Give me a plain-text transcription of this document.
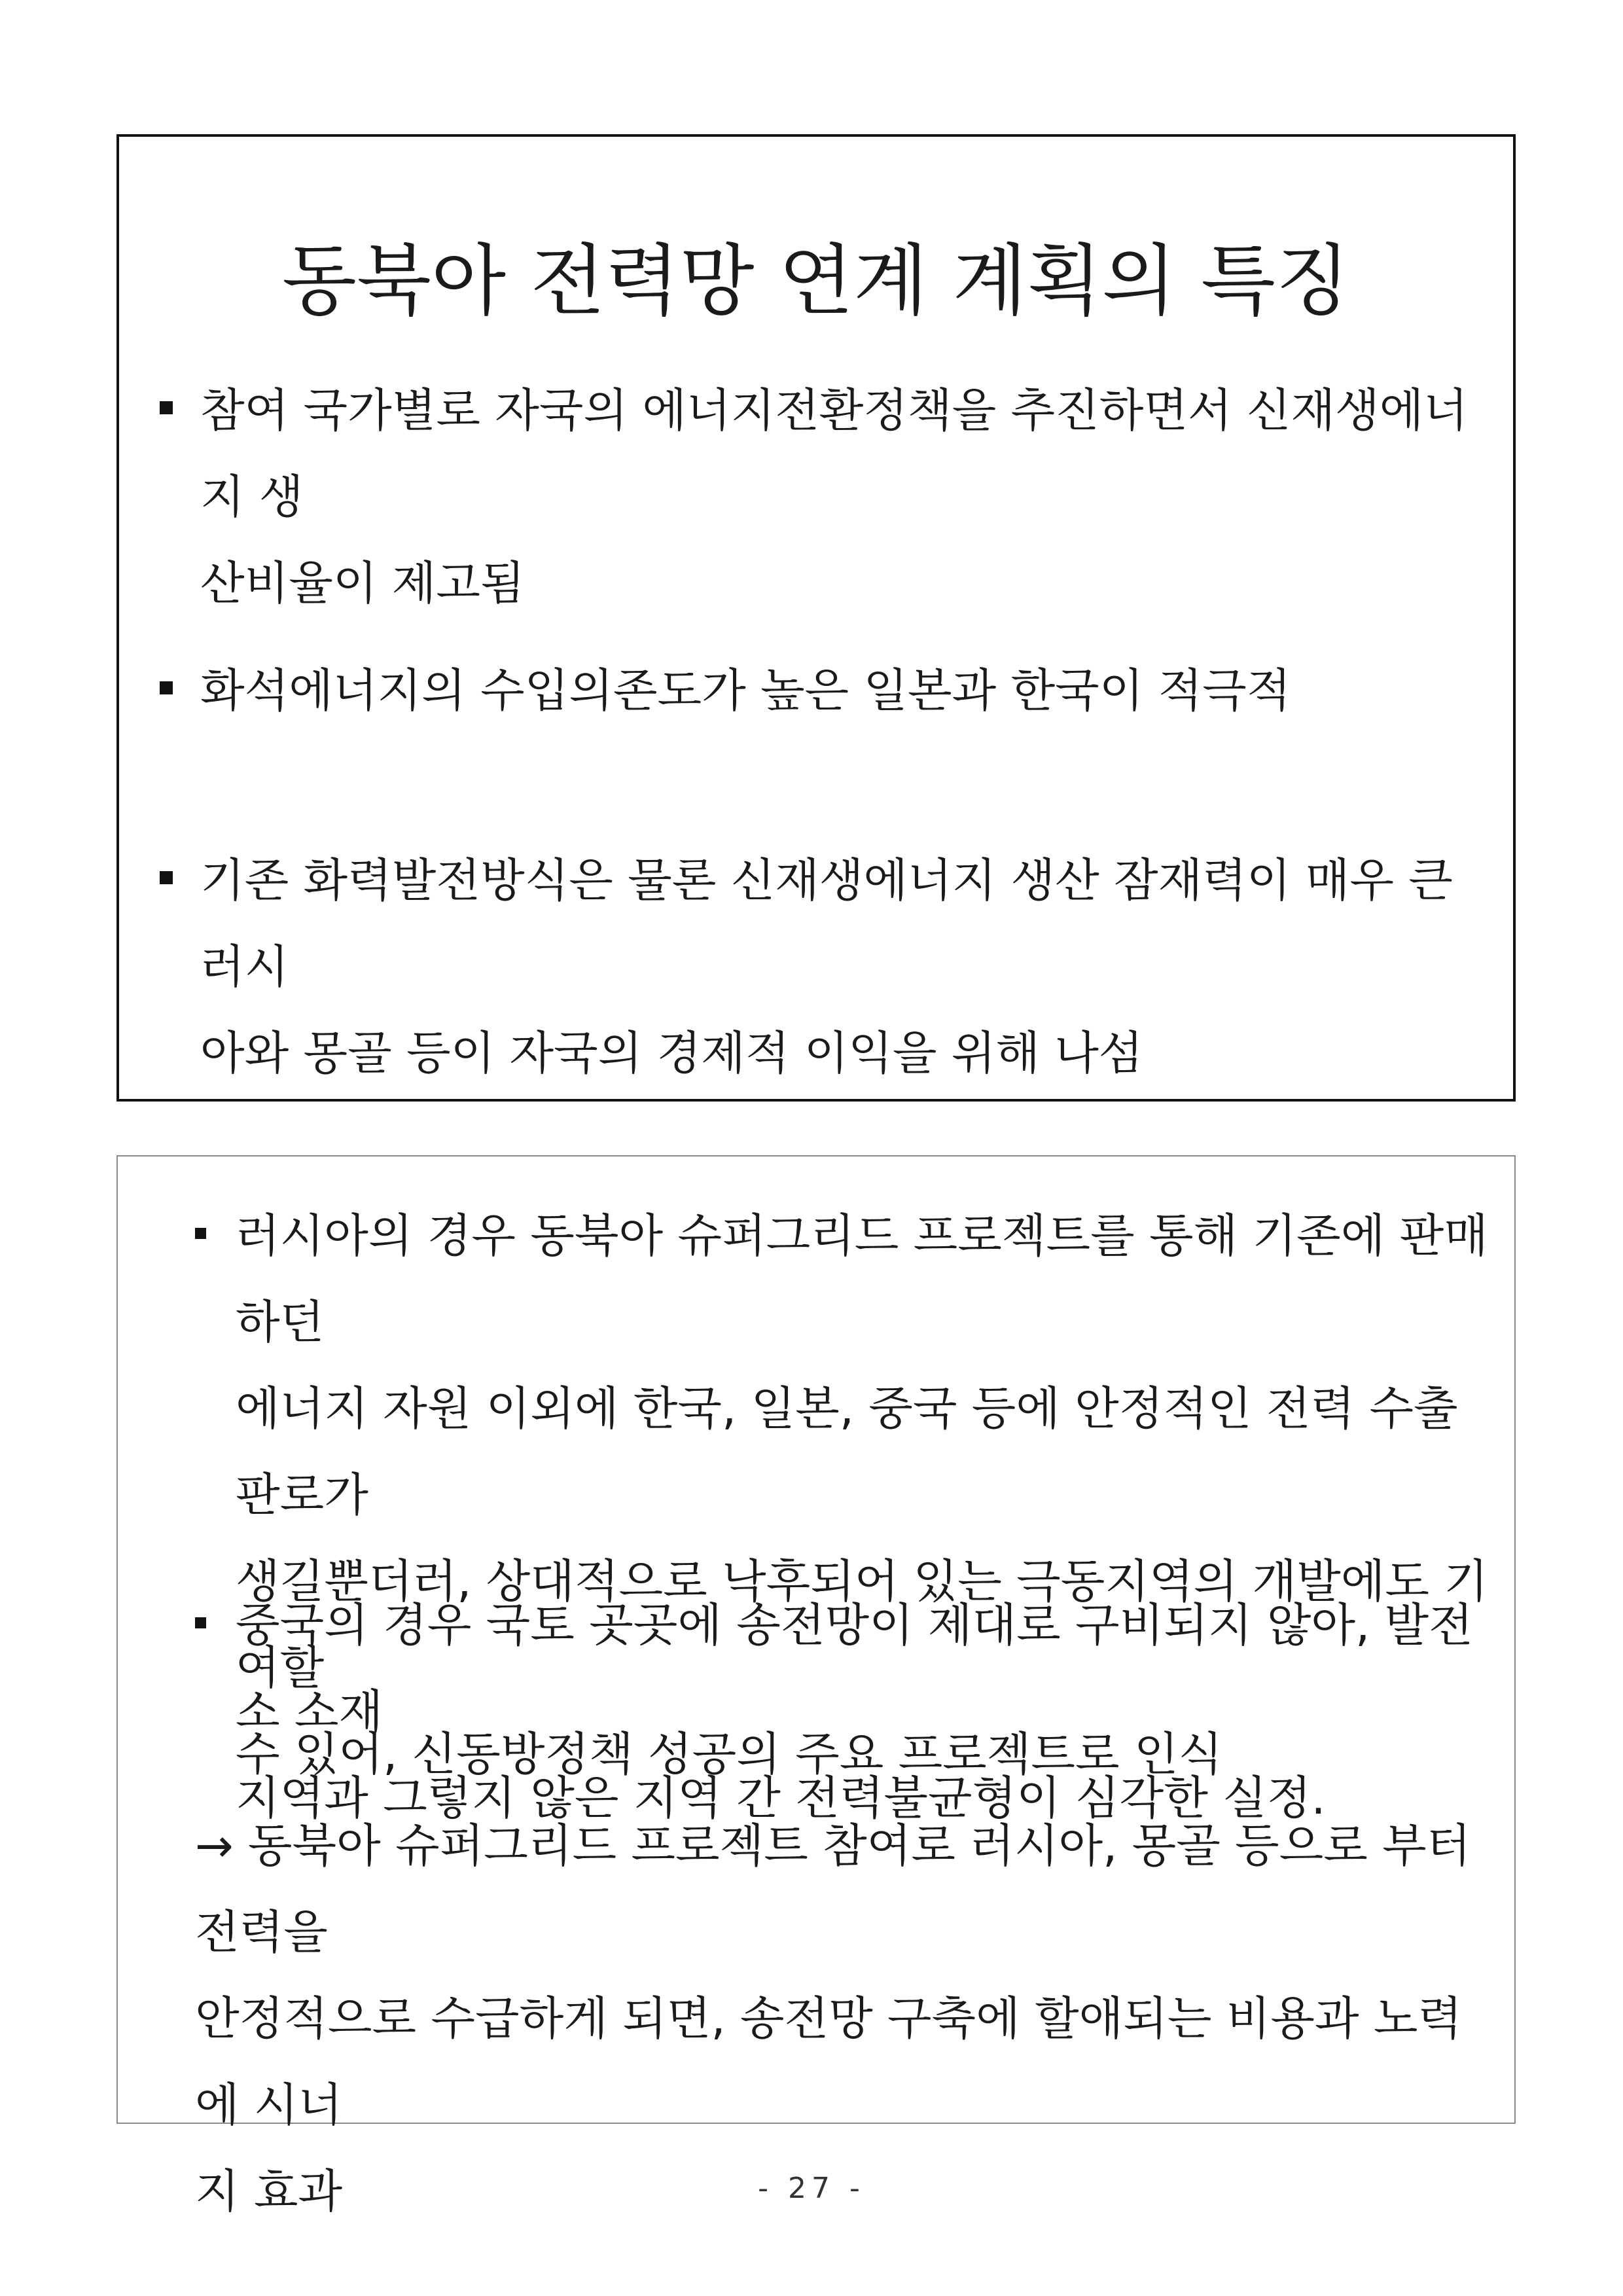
동북아 전력망 연계 계획의 특징
참여 국가별로 자국의 에너지전환정책을 추진하면서 신재생에너지 생
산비율이 제고됨
화석에너지의 수입의존도가 높은 일본과 한국이 적극적
기존 화력발전방식은 물론 신재생에너지 생산 잠재력이 매우 큰 러시
아와 몽골 등이 자국의 경제적 이익을 위해 나섬
러시아의 경우 동북아 슈퍼그리드 프로젝트를 통해 기존에 판매하던
에너지 자원 이외에 한국, 일본, 중국 등에 안정적인 전력 수출 판로가
생길뿐더러, 상대적으로 낙후되어 있는 극동지역의 개발에도 기여할
수 있어, 신동방정책 성공의 주요 프로젝트로 인식
중국의 경우 국토 곳곳에 송전망이 제대로 구비되지 않아, 발전소 소재
지역과 그렇지 않은 지역 간 전력불균형이 심각한 실정.
→ 동북아 슈퍼그리드 프로젝트 참여로 러시아, 몽골 등으로 부터 전력을
안정적으로 수급하게 되면, 송전망 구축에 할애되는 비용과 노력에 시너
지 효과	- 27 -
